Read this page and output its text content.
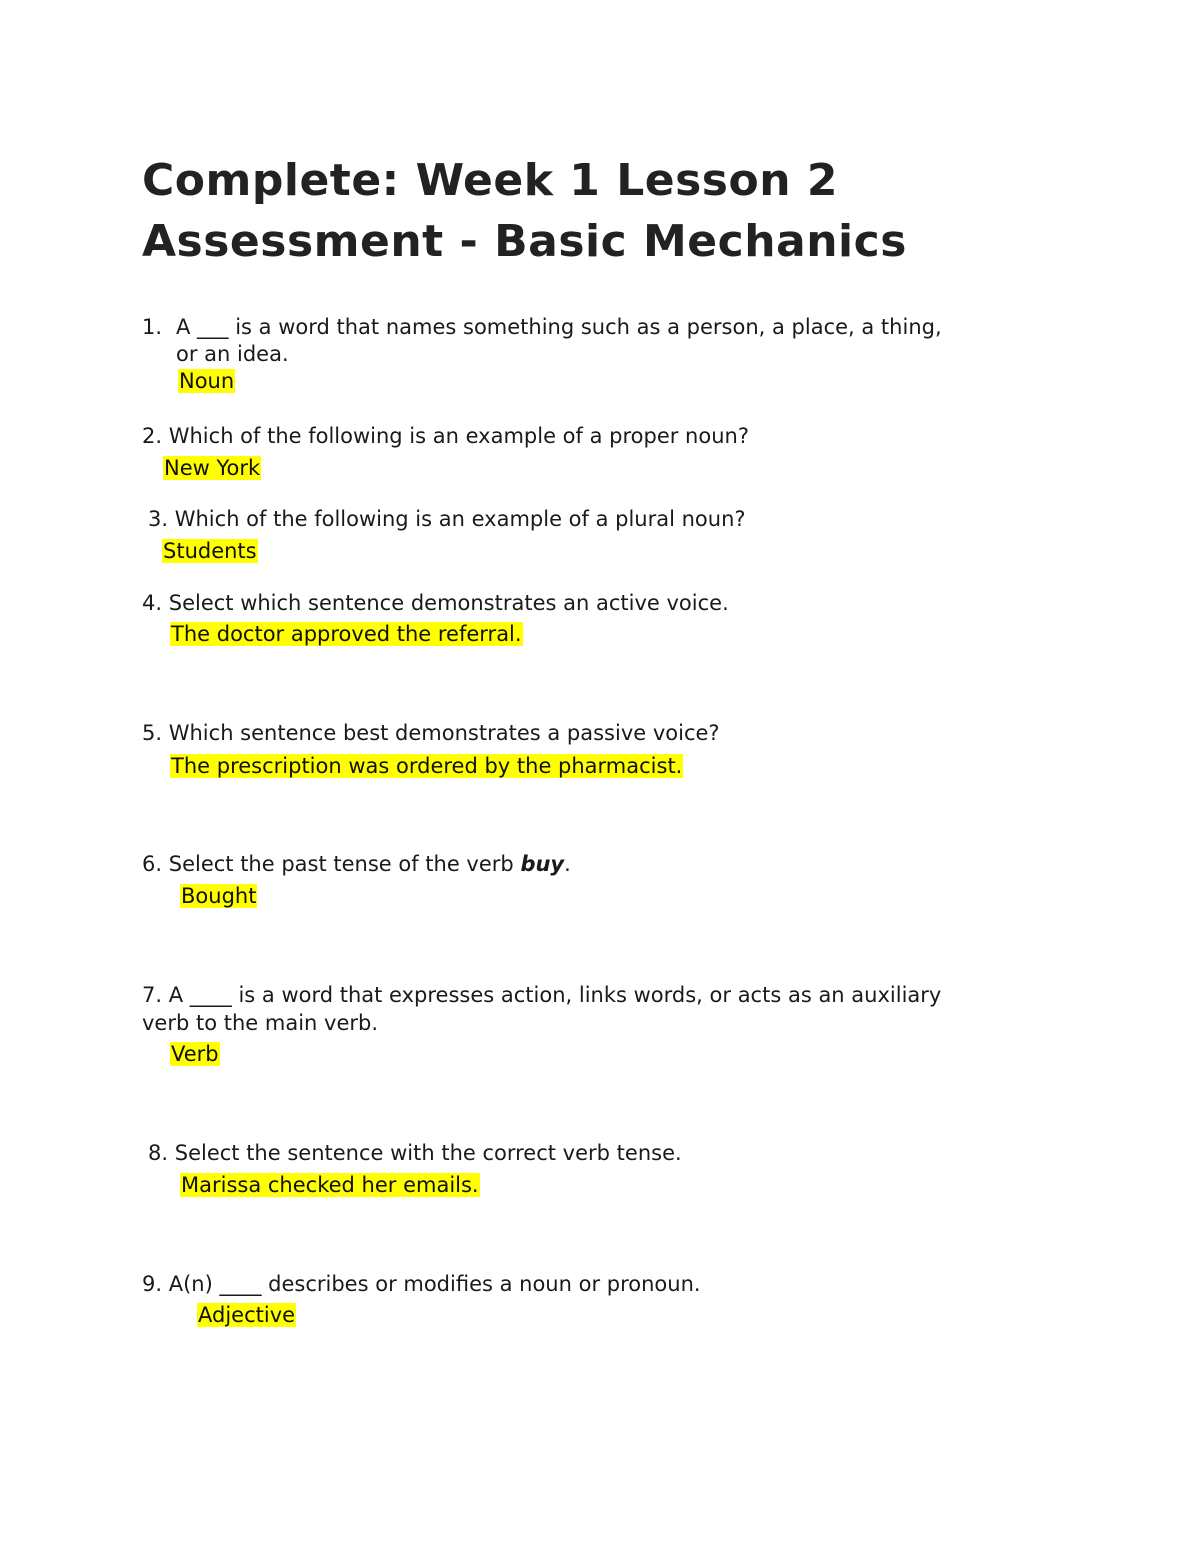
Complete: Week 1 Lesson 2
Assessment - Basic Mechanics
1. A ___ is a word that names something such as a person, a place, a thing,
or an idea.
Noun
2. Which of the following is an example of a proper noun?
New York
3. Which of the following is an example of a plural noun?
Students
4. Select which sentence demonstrates an active voice.
The doctor approved the referral.
5. Which sentence best demonstrates a passive voice?
The prescription was ordered by the pharmacist.
6. Select the past tense of the verb buy.
Bought
7. A ____ is a word that expresses action, links words, or acts as an auxiliary
verb to the main verb.
Verb
8. Select the sentence with the correct verb tense.
Marissa checked her emails.
9. A(n) ____ describes or modifies a noun or pronoun.
Adjective
